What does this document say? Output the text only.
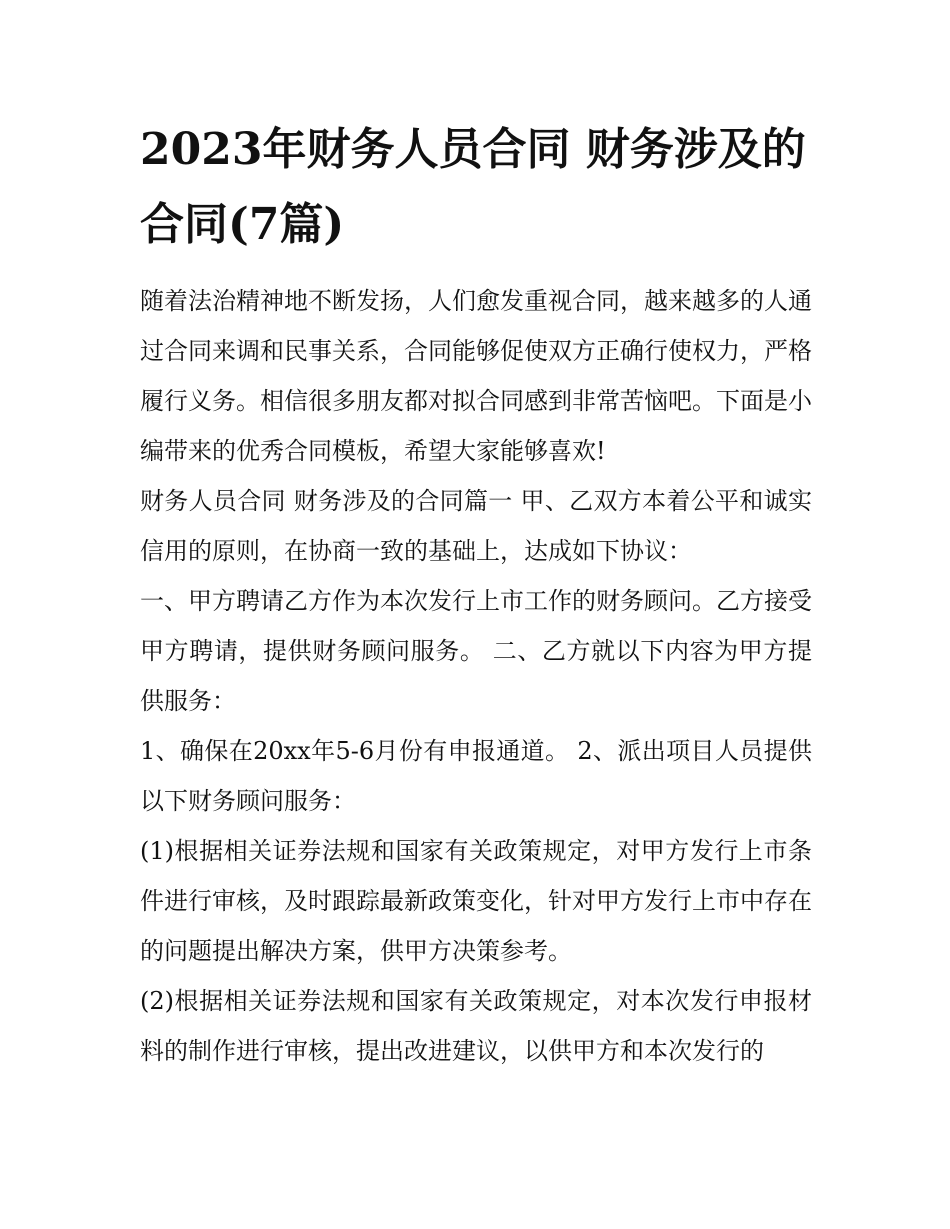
2023年财务人员合同 财务涉及的合同(7篇)

随着法治精神地不断发扬，人们愈发重视合同，越来越多的人通过合同来调和民事关系，合同能够促使双方正确行使权力，严格履行义务。相信很多朋友都对拟合同感到非常苦恼吧。下面是小编带来的优秀合同模板，希望大家能够喜欢!

财务人员合同 财务涉及的合同篇一 甲、乙双方本着公平和诚实信用的原则，在协商一致的基础上，达成如下协议：

一、甲方聘请乙方作为本次发行上市工作的财务顾问。乙方接受甲方聘请，提供财务顾问服务。 二、乙方就以下内容为甲方提供服务：

1、确保在20xx年5-6月份有申报通道。 2、派出项目人员提供以下财务顾问服务：

(1)根据相关证券法规和国家有关政策规定，对甲方发行上市条件进行审核，及时跟踪最新政策变化，针对甲方发行上市中存在的问题提出解决方案，供甲方决策参考。

(2)根据相关证券法规和国家有关政策规定，对本次发行申报材料的制作进行审核，提出改进建议，以供甲方和本次发行的
